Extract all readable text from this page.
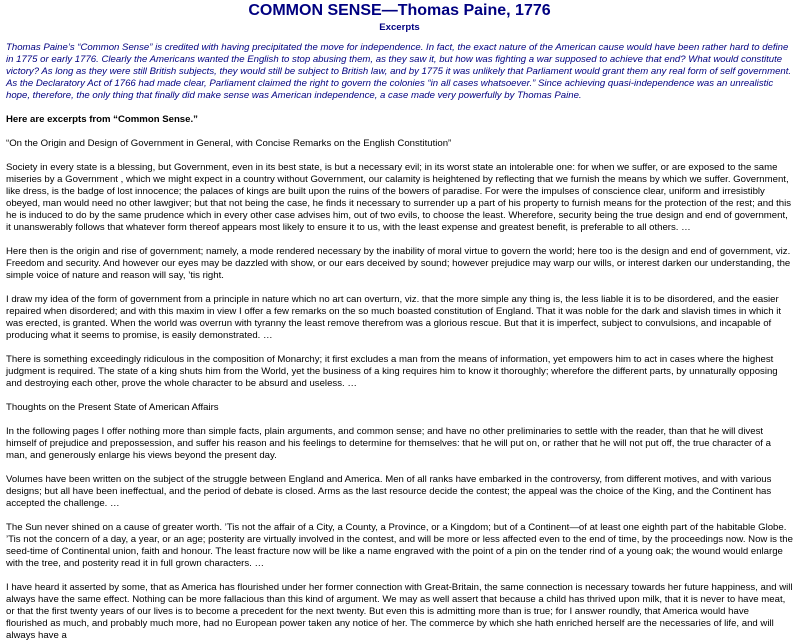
COMMON SENSE—Thomas Paine, 1776
Excerpts

Thomas Paine’s “Common Sense” is credited with having precipitated the move for independence. In fact, the exact nature of the American cause would have been rather hard to define in 1775 or early 1776. Clearly the Americans wanted the English to stop abusing them, as they saw it, but how was fighting a war supposed to achieve that end? What would constitute victory? As long as they were still British subjects, they would still be subject to British law, and by 1775 it was unlikely that Parliament would grant them any real form of self government. As the Declaratory Act of 1766 had made clear, Parliament claimed the right to govern the colonies “in all cases whatsoever.” Since achieving quasi-independence was an unrealistic hope, therefore, the only thing that finally did make sense was American independence, a case made very powerfully by Thomas Paine.

Here are excerpts from “Common Sense.”

“On the Origin and Design of Government in General, with Concise Remarks on the English Constitution”

Society in every state is a blessing, but Government, even in its best state, is but a necessary evil; in its worst state an intolerable one: for when we suffer, or are exposed to the same miseries by a Government , which we might expect in a country without Government, our calamity is heightened by reflecting that we furnish the means by which we suffer. Government, like dress, is the badge of lost innocence; the palaces of kings are built upon the ruins of the bowers of paradise. For were the impulses of conscience clear, uniform and irresistibly obeyed, man would need no other lawgiver; but that not being the case, he finds it necessary to surrender up a part of his property to furnish means for the protection of the rest; and this he is induced to do by the same prudence which in every other case advises him, out of two evils, to choose the least. Wherefore, security being the true design and end of government, it unanswerably follows that whatever form thereof appears most likely to ensure it to us, with the least expense and greatest benefit, is preferable to all others. …

Here then is the origin and rise of government; namely, a mode rendered necessary by the inability of moral virtue to govern the world; here too is the design and end of government, viz. Freedom and security. And however our eyes may be dazzled with show, or our ears deceived by sound; however prejudice may warp our wills, or interest darken our understanding, the simple voice of nature and reason will say, ’tis right.

I draw my idea of the form of government from a principle in nature which no art can overturn, viz. that the more simple any thing is, the less liable it is to be disordered, and the easier repaired when disordered; and with this maxim in view I offer a few remarks on the so much boasted constitution of England. That it was noble for the dark and slavish times in which it was erected, is granted. When the world was overrun with tyranny the least remove therefrom was a glorious rescue. But that it is imperfect, subject to convulsions, and incapable of producing what it seems to promise, is easily demonstrated. …

There is something exceedingly ridiculous in the composition of Monarchy; it first excludes a man from the means of information, yet empowers him to act in cases where the highest judgment is required. The state of a king shuts him from the World, yet the business of a king requires him to know it thoroughly; wherefore the different parts, by unnaturally opposing and destroying each other, prove the whole character to be absurd and useless. …

Thoughts on the Present State of American Affairs

In the following pages I offer nothing more than simple facts, plain arguments, and common sense; and have no other preliminaries to settle with the reader, than that he will divest himself of prejudice and prepossession, and suffer his reason and his feelings to determine for themselves: that he will put on, or rather that he will not put off, the true character of a man, and generously enlarge his views beyond the present day.

Volumes have been written on the subject of the struggle between England and America. Men of all ranks have embarked in the controversy, from different motives, and with various designs; but all have been ineffectual, and the period of debate is closed. Arms as the last resource decide the contest; the appeal was the choice of the King, and the Continent has accepted the challenge. …

The Sun never shined on a cause of greater worth. ’Tis not the affair of a City, a County, a Province, or a Kingdom; but of a Continent—of at least one eighth part of the habitable Globe. ’Tis not the concern of a day, a year, or an age; posterity are virtually involved in the contest, and will be more or less affected even to the end of time, by the proceedings now. Now is the seed-time of Continental union, faith and honour. The least fracture now will be like a name engraved with the point of a pin on the tender rind of a young oak; the wound would enlarge with the tree, and posterity read it in full grown characters. …

I have heard it asserted by some, that as America has flourished under her former connection with Great-Britain, the same connection is necessary towards her future happiness, and will always have the same effect. Nothing can be more fallacious than this kind of argument. We may as well assert that because a child has thrived upon milk, that it is never to have meat, or that the first twenty years of our lives is to become a precedent for the next twenty. But even this is admitting more than is true; for I answer roundly, that America would have flourished as much, and probably much more, had no European power taken any notice of her. The commerce by which she hath enriched herself are the necessaries of life, and will always have a
